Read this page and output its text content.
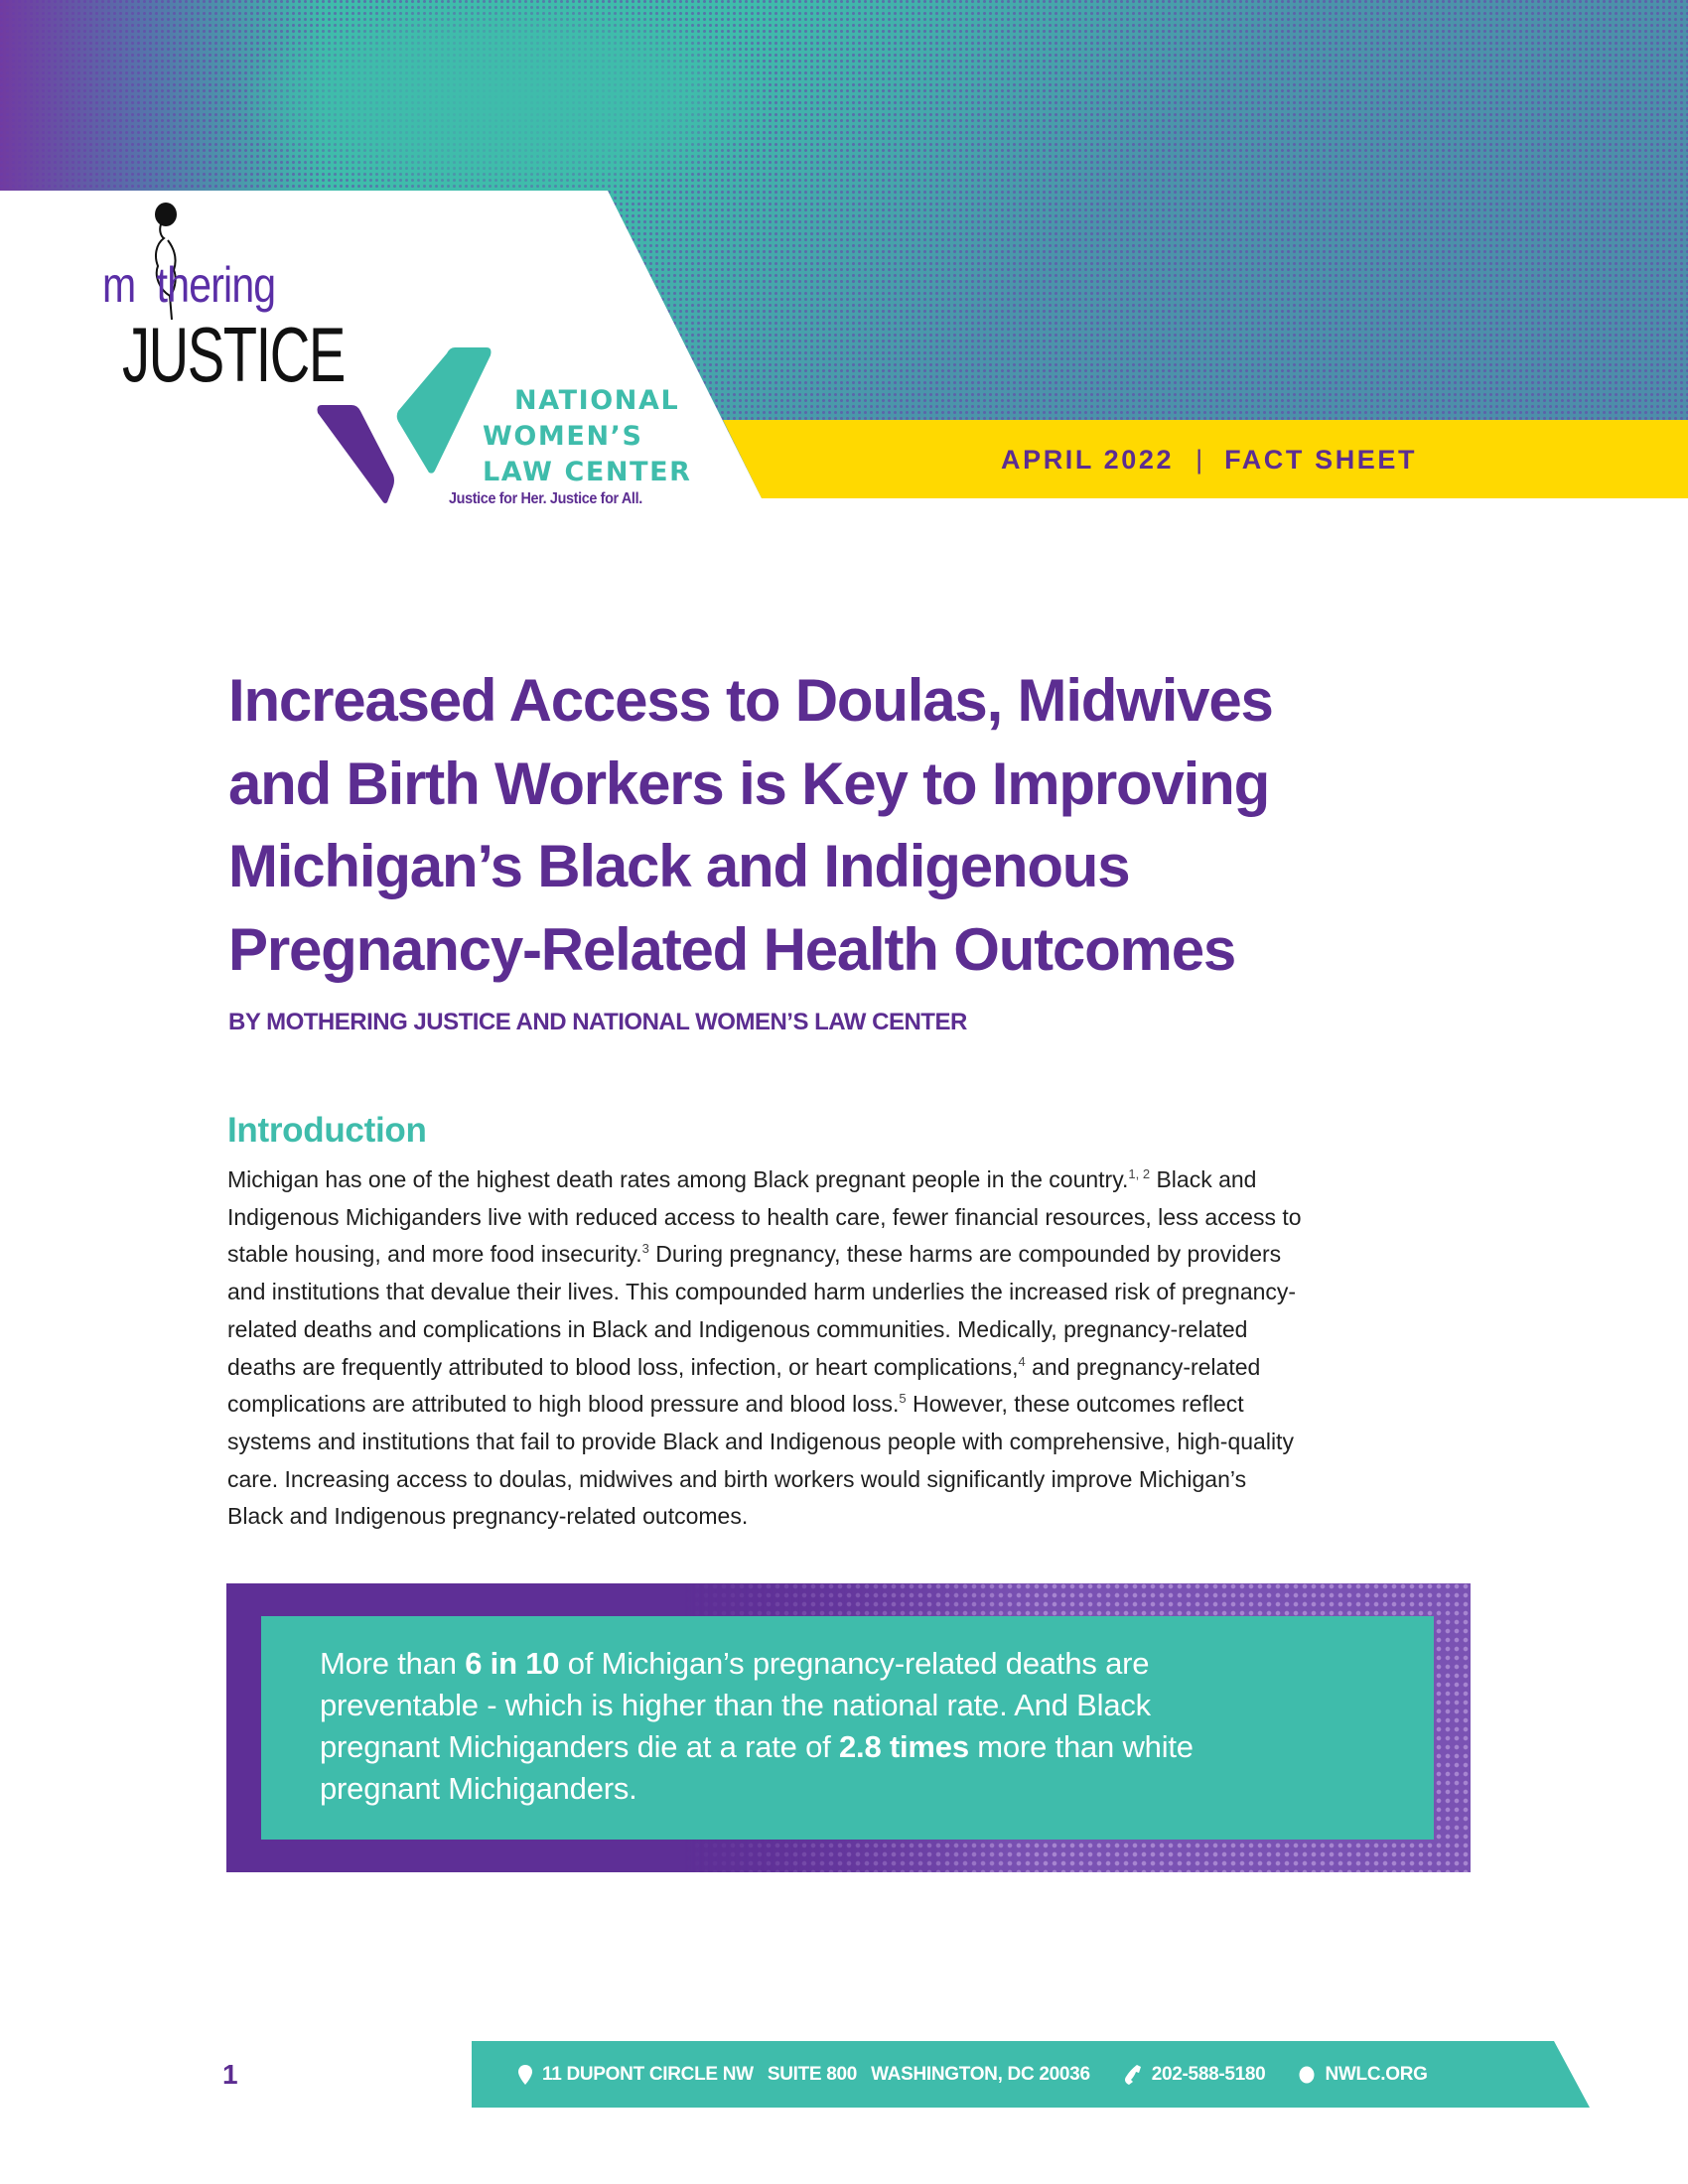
APRIL 2022 | FACT SHEET
m thering
JUSTICE
NATIONAL
WOMEN’S
LAW CENTER
Justice for Her. Justice for All.
Increased Access to Doulas, Midwives
and Birth Workers is Key to Improving
Michigan’s Black and Indigenous
Pregnancy-Related Health Outcomes
BY MOTHERING JUSTICE AND NATIONAL WOMEN’S LAW CENTER
Introduction
Michigan has one of the highest death rates among Black pregnant people in the country.$^{1, 2}$ Black and
Indigenous Michiganders live with reduced access to health care, fewer financial resources, less access to
stable housing, and more food insecurity.$^3$ During pregnancy, these harms are compounded by providers
and institutions that devalue their lives. This compounded harm underlies the increased risk of pregnancy-
related deaths and complications in Black and Indigenous communities. Medically, pregnancy-related
deaths are frequently attributed to blood loss, infection, or heart complications,$^4$ and pregnancy-related
complications are attributed to high blood pressure and blood loss.$^5$ However, these outcomes reflect
systems and institutions that fail to provide Black and Indigenous people with comprehensive, high-quality
care. Increasing access to doulas, midwives and birth workers would significantly improve Michigan’s
Black and Indigenous pregnancy-related outcomes.
More than 6 in 10 of Michigan’s pregnancy-related deaths are
preventable - which is higher than the national rate. And Black
pregnant Michiganders die at a rate of 2.8 times more than white
pregnant Michiganders.
1	11 DUPONT CIRCLE NW SUITE 800 WASHINGTON, DC 20036	202-588-5180	NWLC.ORG
